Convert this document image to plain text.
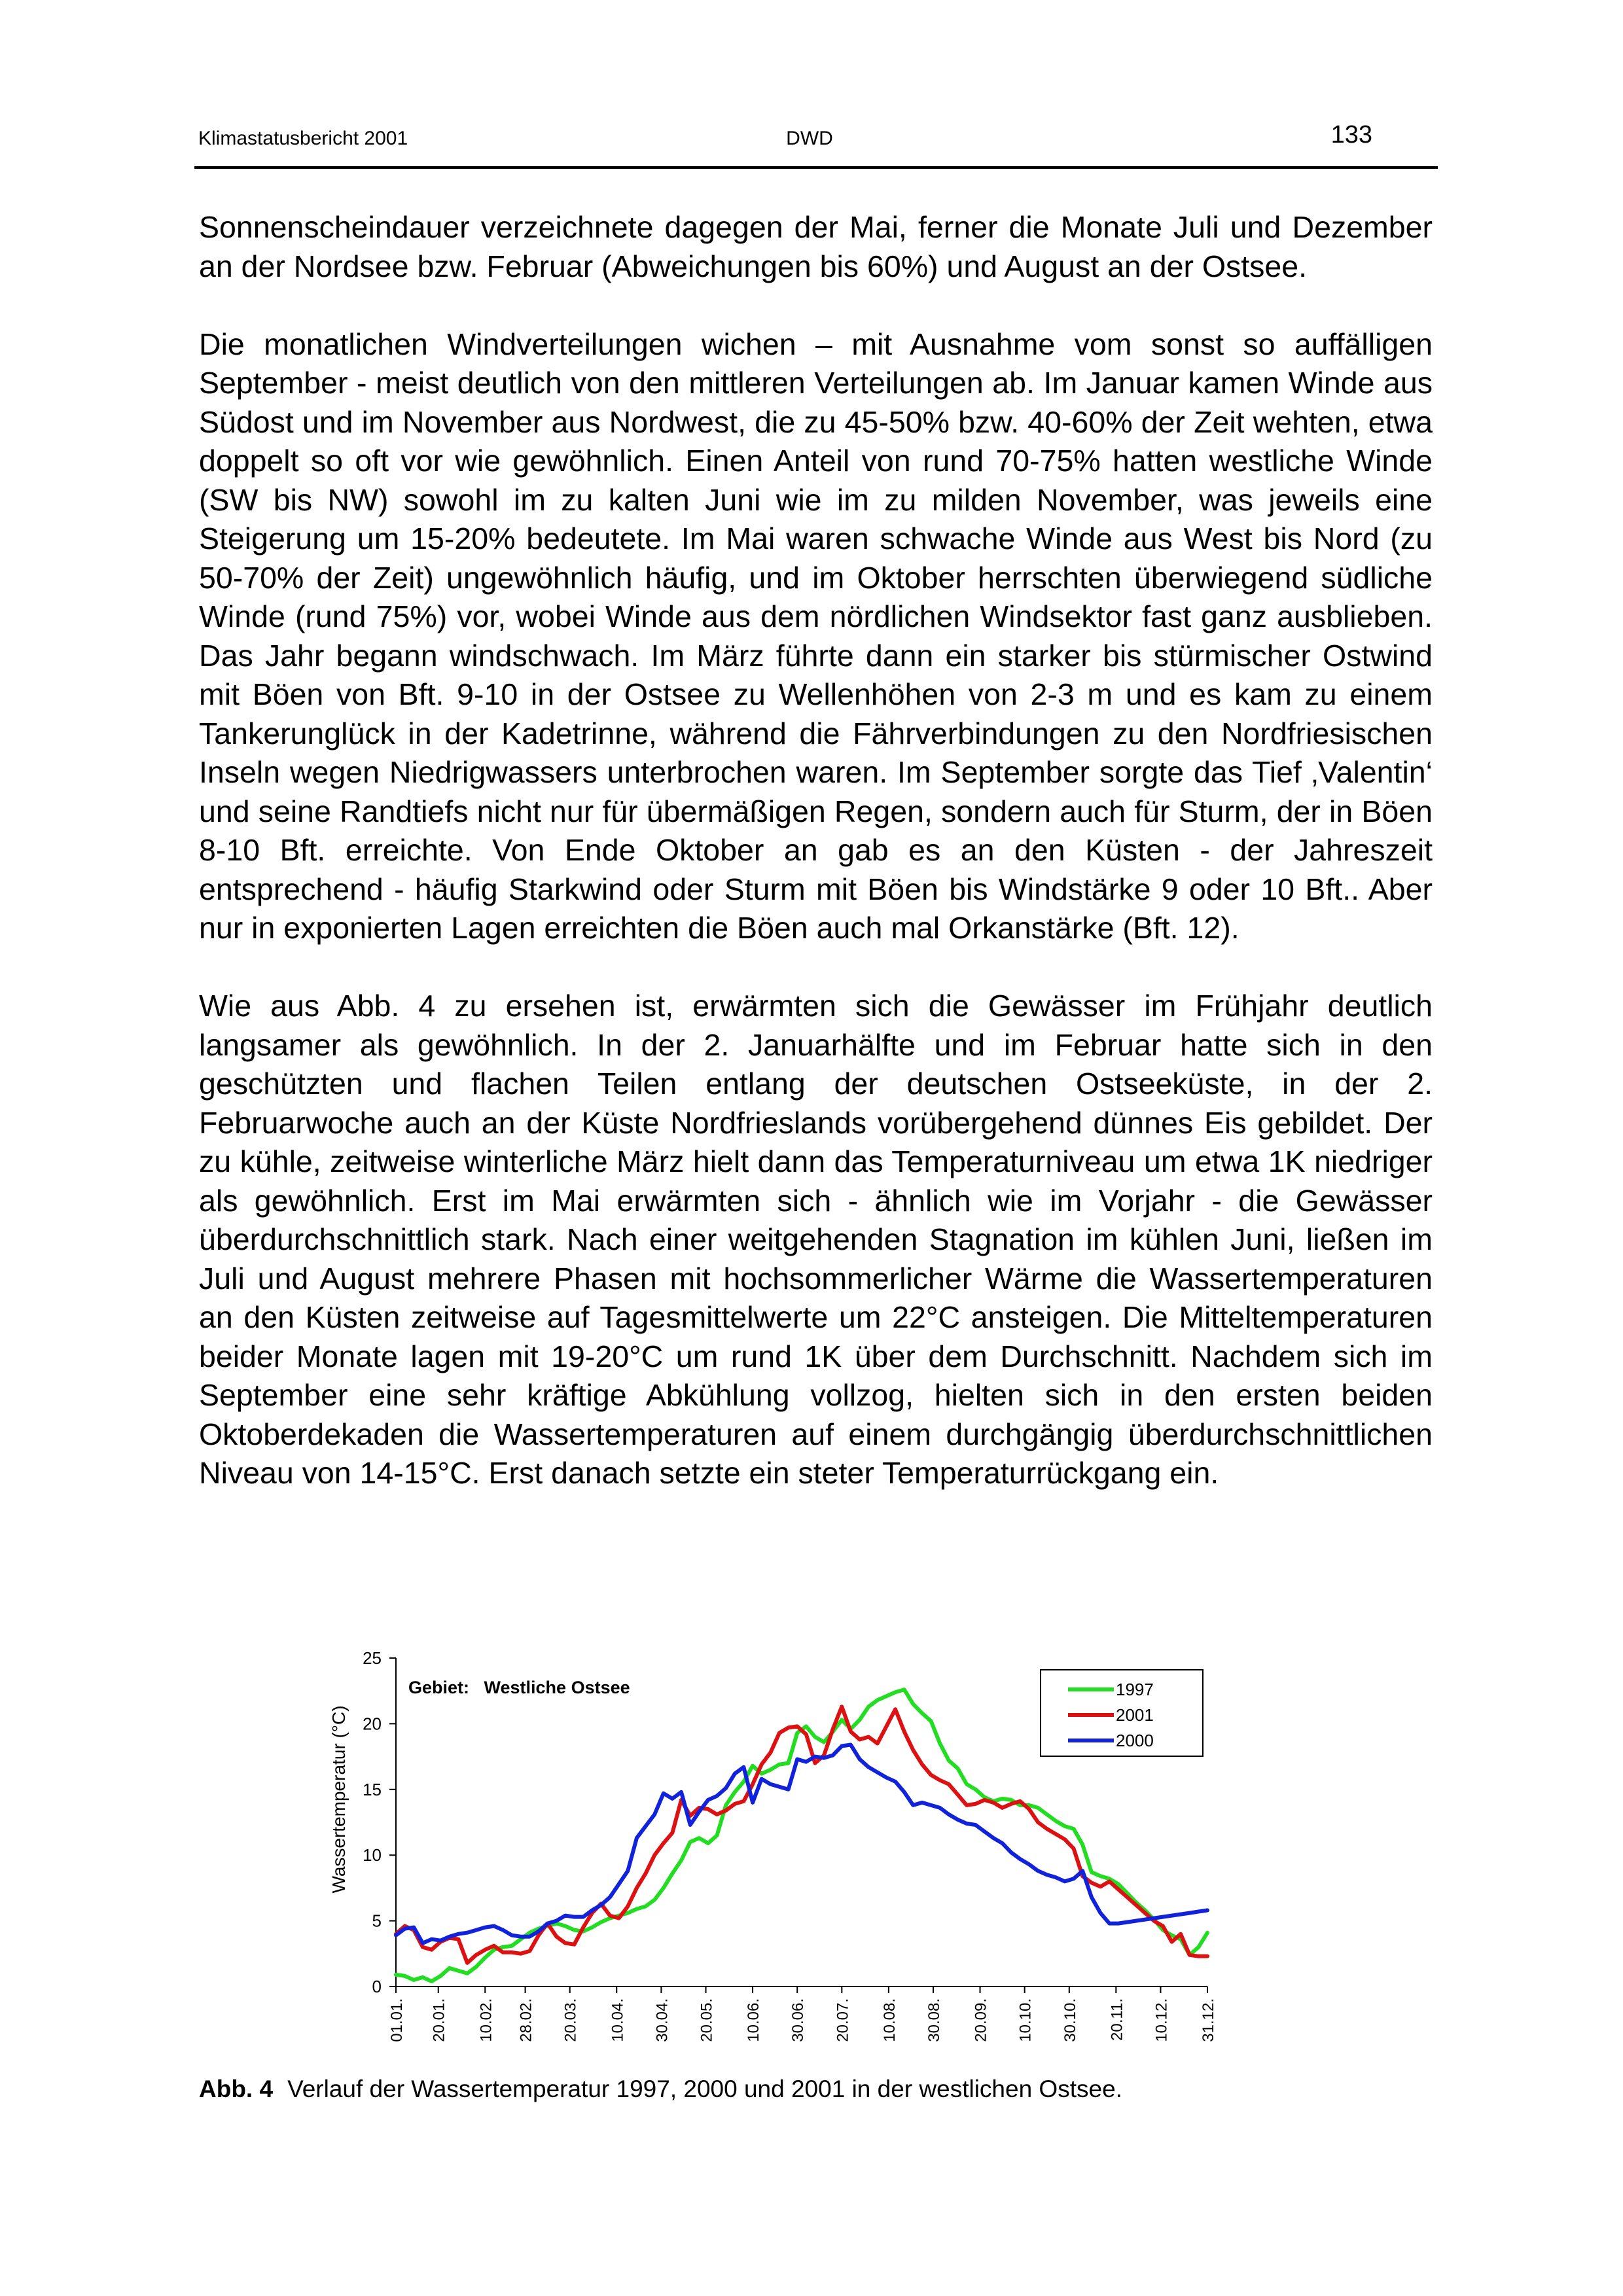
Klimastatusbericht 2001	DWD	133

Sonnenscheindauer verzeichnete dagegen der Mai, ferner die Monate Juli und Dezember an der Nordsee bzw. Februar (Abweichungen bis 60%) und August an der Ostsee.

Die monatlichen Windverteilungen wichen – mit Ausnahme vom sonst so auffälligen September - meist deutlich von den mittleren Verteilungen ab. Im Januar kamen Winde aus Südost und im November aus Nordwest, die zu 45-50% bzw. 40-60% der Zeit wehten, etwa doppelt so oft vor wie gewöhnlich. Einen Anteil von rund 70-75% hatten westliche Winde (SW bis NW) sowohl im zu kalten Juni wie im zu milden November, was jeweils eine Steigerung um 15-20% bedeutete. Im Mai waren schwache Winde aus West bis Nord (zu 50-70% der Zeit) ungewöhnlich häufig, und im Oktober herrschten überwiegend südliche Winde (rund 75%) vor, wobei Winde aus dem nördlichen Windsektor fast ganz ausblieben. Das Jahr begann windschwach. Im März führte dann ein starker bis stürmischer Ostwind mit Böen von Bft. 9-10 in der Ostsee zu Wellenhöhen von 2-3 m und es kam zu einem Tankerunglück in der Kadetrinne, während die Fährverbindungen zu den Nordfriesischen Inseln wegen Niedrigwassers unterbrochen waren. Im September sorgte das Tief ‚Valentin‘ und seine Randtiefs nicht nur für übermäßigen Regen, sondern auch für Sturm, der in Böen 8-10 Bft. erreichte. Von Ende Oktober an gab es an den Küsten - der Jahreszeit entsprechend - häufig Starkwind oder Sturm mit Böen bis Windstärke 9 oder 10 Bft.. Aber nur in exponierten Lagen erreichten die Böen auch mal Orkanstärke (Bft. 12).

Wie aus Abb. 4 zu ersehen ist, erwärmten sich die Gewässer im Frühjahr deutlich langsamer als gewöhnlich. In der 2. Januarhälfte und im Februar hatte sich in den geschützten und flachen Teilen entlang der deutschen Ostseeküste, in der 2. Februarwoche auch an der Küste Nordfrieslands vorübergehend dünnes Eis gebildet. Der zu kühle, zeitweise winterliche März hielt dann das Temperaturniveau um etwa 1K niedriger als gewöhnlich. Erst im Mai erwärmten sich - ähnlich wie im Vorjahr - die Gewässer überdurchschnittlich stark. Nach einer weitgehenden Stagnation im kühlen Juni, ließen im Juli und August mehrere Phasen mit hochsommerlicher Wärme die Wassertemperaturen an den Küsten zeitweise auf Tagesmittelwerte um 22°C ansteigen. Die Mitteltemperaturen beider Monate lagen mit 19-20°C um rund 1K über dem Durchschnitt. Nachdem sich im September eine sehr kräftige Abkühlung vollzog, hielten sich in den ersten beiden Oktoberdekaden die Wassertemperaturen auf einem durchgängig überdurchschnittlichen Niveau von 14-15°C. Erst danach setzte ein steter Temperaturrückgang ein.

Wassertemperatur (°C)
Gebiet:   Westliche Ostsee
0
5
10
15
20
25
01.01. 20.01. 10.02. 28.02. 20.03. 10.04. 30.04. 20.05. 10.06. 30.06. 20.07. 10.08. 30.08. 20.09. 10.10. 30.10. 20.11. 10.12. 31.12.
1997
2001
2000
Abb. 4 Verlauf der Wassertemperatur 1997, 2000 und 2001 in der westlichen Ostsee.
